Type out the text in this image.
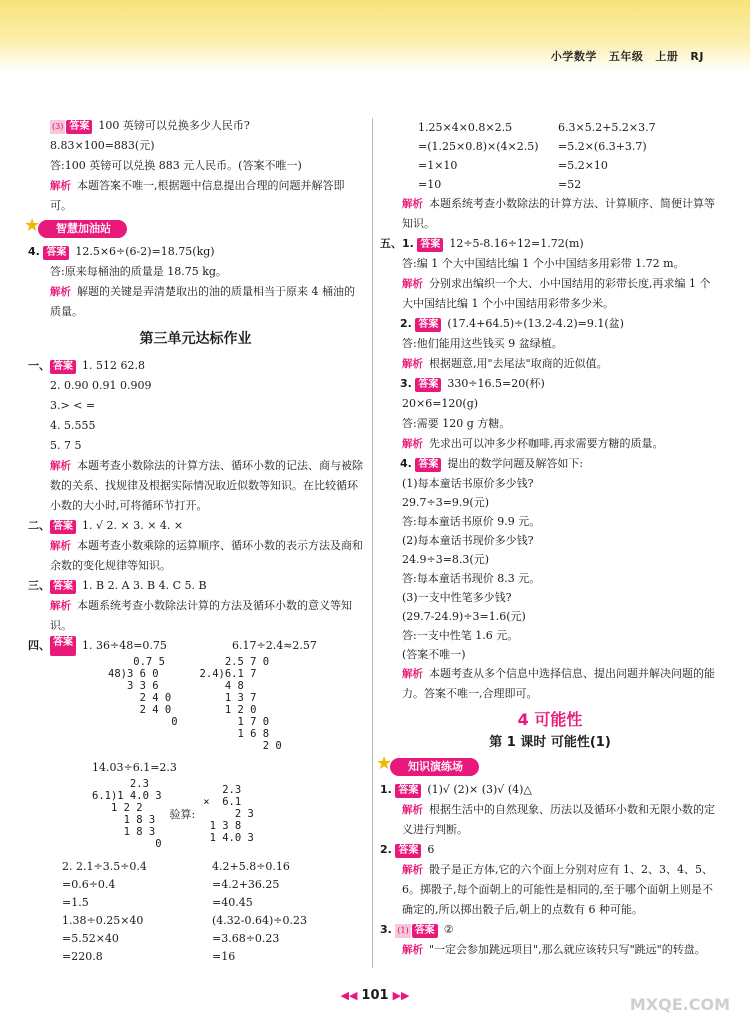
小学数学 五年级 上册 RJ
(3) 答案 100 英镑可以兑换多少人民币?
8.83×100=883(元)
答:100 英镑可以兑换 883 元人民币。(答案不唯一)
解析 本题答案不唯一,根据题中信息提出合理的问题并解答即可。
★ 智慧加油站
4. 答案 12.5×6÷(6-2)=18.75(kg)
答:原来每桶油的质量是 18.75 kg。
解析 解题的关键是弄清楚取出的油的质量相当于原来 4 桶油的质量。
第三单元达标作业
一、 答案 1. 512 62.8
2. 0.90 0.91 0.909
3.> < =
4. 5.555
5. 7 5
解析 本题考查小数除法的计算方法、循环小数的记法、商与被除数的关系、找规律及根据实际情况取近似数等知识。在比较循环小数的大小时,可将循环节打开。
二、 答案 1. √ 2. × 3. × 4. ×
解析 本题考查小数乘除的运算顺序、循环小数的表示方法及商和余数的变化规律等知识。
三、 答案 1. B 2. A 3. B 4. C 5. B
解析 本题系统考查小数除法计算的方法及循环小数的意义等知识。
四、 答案 1. 36÷48=0.75	6.17÷2.4≈2.57
0.7 5
48)3 6 0
3 3 6
2 4 0
2 4 0
0
2.5 7 0
2.4)6.1 7
4 8
1 3 7
1 2 0
1 7 0
1 6 8
2 0
14.03÷6.1=2.3
2.3
6.1)1 4.0 3
1 2 2
1 8 3
1 8 3
0
验算:
2.3
×  6.1
2 3
1 3 8
1 4.0 3
2. 2.1÷3.5÷0.4	4.2+5.8÷0.16
=0.6÷0.4	=4.2+36.25
=1.5	=40.45
1.38÷0.25×40	(4.32-0.64)÷0.23
=5.52×40	=3.68÷0.23
=220.8	=16
1.25×4×0.8×2.5	6.3×5.2+5.2×3.7
=(1.25×0.8)×(4×2.5)	=5.2×(6.3+3.7)
=1×10	=5.2×10
=10	=52
解析 本题系统考查小数除法的计算方法、计算顺序、简便计算等知识。
五、1. 答案 12÷5-8.16÷12=1.72(m)
答:编 1 个大中国结比编 1 个小中国结多用彩带 1.72 m。
解析 分别求出编织一个大、小中国结用的彩带长度,再求编 1 个大中国结比编 1 个小中国结用彩带多少米。
2. 答案 (17.4+64.5)÷(13.2-4.2)=9.1(盆)
答:他们能用这些钱买 9 盆绿植。
解析 根据题意,用"去尾法"取商的近似值。
3. 答案 330÷16.5=20(杯)
20×6=120(g)
答:需要 120 g 方糖。
解析 先求出可以冲多少杯咖啡,再求需要方糖的质量。
4. 答案 提出的数学问题及解答如下:
(1)每本童话书原价多少钱?
29.7÷3=9.9(元)
答:每本童话书原价 9.9 元。
(2)每本童话书现价多少钱?
24.9÷3=8.3(元)
答:每本童话书现价 8.3 元。
(3)一支中性笔多少钱?
(29.7-24.9)÷3=1.6(元)
答:一支中性笔 1.6 元。
(答案不唯一)
解析 本题考查从多个信息中选择信息、提出问题并解决问题的能力。答案不唯一,合理即可。
4 可能性
第 1 课时 可能性(1)
★ 知识演练场
1. 答案 (1)√ (2)× (3)√ (4)△
解析 根据生活中的自然现象、历法以及循环小数和无限小数的定义进行判断。
2. 答案 6
解析 骰子是正方体,它的六个面上分别对应有 1、2、3、4、5、6。掷骰子,每个面朝上的可能性是相同的,至于哪个面朝上则是不确定的,所以掷出骰子后,朝上的点数有 6 种可能。
3. (1) 答案 ②
解析 "一定会参加跳远项目",那么就应该转只写"跳远"的转盘。
◀◀ 101 ▶▶	MXQE.COM
